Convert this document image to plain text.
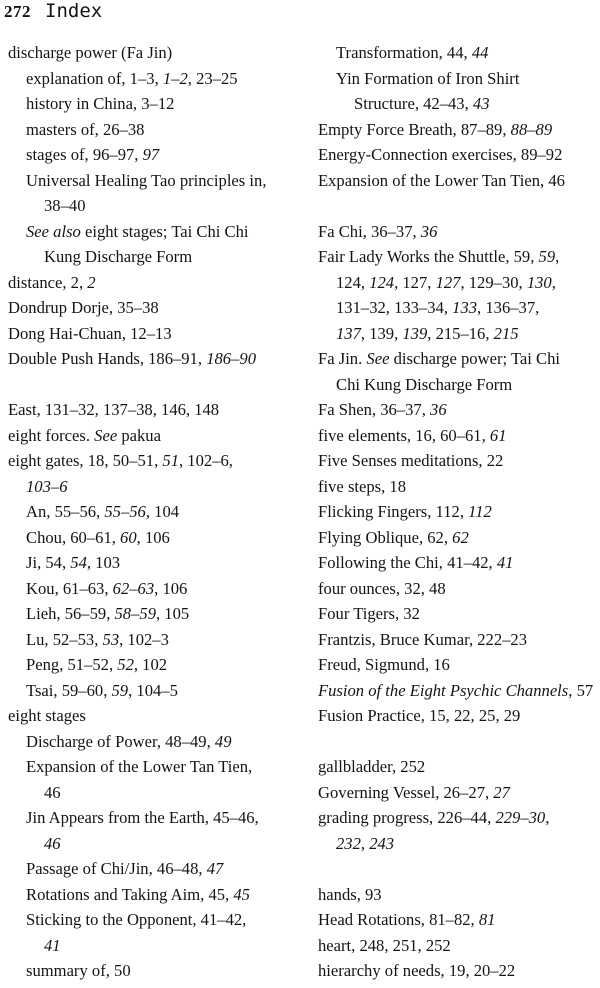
272 Index
discharge power (Fa Jin)
explanation of, 1–3, 1–2, 23–25
history in China, 3–12
masters of, 26–38
stages of, 96–97, 97
Universal Healing Tao principles in,
38–40
See also eight stages; Tai Chi Chi
Kung Discharge Form
distance, 2, 2
Dondrup Dorje, 35–38
Dong Hai-Chuan, 12–13
Double Push Hands, 186–91, 186–90
East, 131–32, 137–38, 146, 148
eight forces. See pakua
eight gates, 18, 50–51, 51, 102–6,
103–6
An, 55–56, 55–56, 104
Chou, 60–61, 60, 106
Ji, 54, 54, 103
Kou, 61–63, 62–63, 106
Lieh, 56–59, 58–59, 105
Lu, 52–53, 53, 102–3
Peng, 51–52, 52, 102
Tsai, 59–60, 59, 104–5
eight stages
Discharge of Power, 48–49, 49
Expansion of the Lower Tan Tien,
46
Jin Appears from the Earth, 45–46,
46
Passage of Chi/Jin, 46–48, 47
Rotations and Taking Aim, 45, 45
Sticking to the Opponent, 41–42,
41
summary of, 50
Transformation, 44, 44
Yin Formation of Iron Shirt
Structure, 42–43, 43
Empty Force Breath, 87–89, 88–89
Energy-Connection exercises, 89–92
Expansion of the Lower Tan Tien, 46
Fa Chi, 36–37, 36
Fair Lady Works the Shuttle, 59, 59,
124, 124, 127, 127, 129–30, 130,
131–32, 133–34, 133, 136–37,
137, 139, 139, 215–16, 215
Fa Jin. See discharge power; Tai Chi
Chi Kung Discharge Form
Fa Shen, 36–37, 36
five elements, 16, 60–61, 61
Five Senses meditations, 22
five steps, 18
Flicking Fingers, 112, 112
Flying Oblique, 62, 62
Following the Chi, 41–42, 41
four ounces, 32, 48
Four Tigers, 32
Frantzis, Bruce Kumar, 222–23
Freud, Sigmund, 16
Fusion of the Eight Psychic Channels, 57
Fusion Practice, 15, 22, 25, 29
gallbladder, 252
Governing Vessel, 26–27, 27
grading progress, 226–44, 229–30,
232, 243
hands, 93
Head Rotations, 81–82, 81
heart, 248, 251, 252
hierarchy of needs, 19, 20–22
